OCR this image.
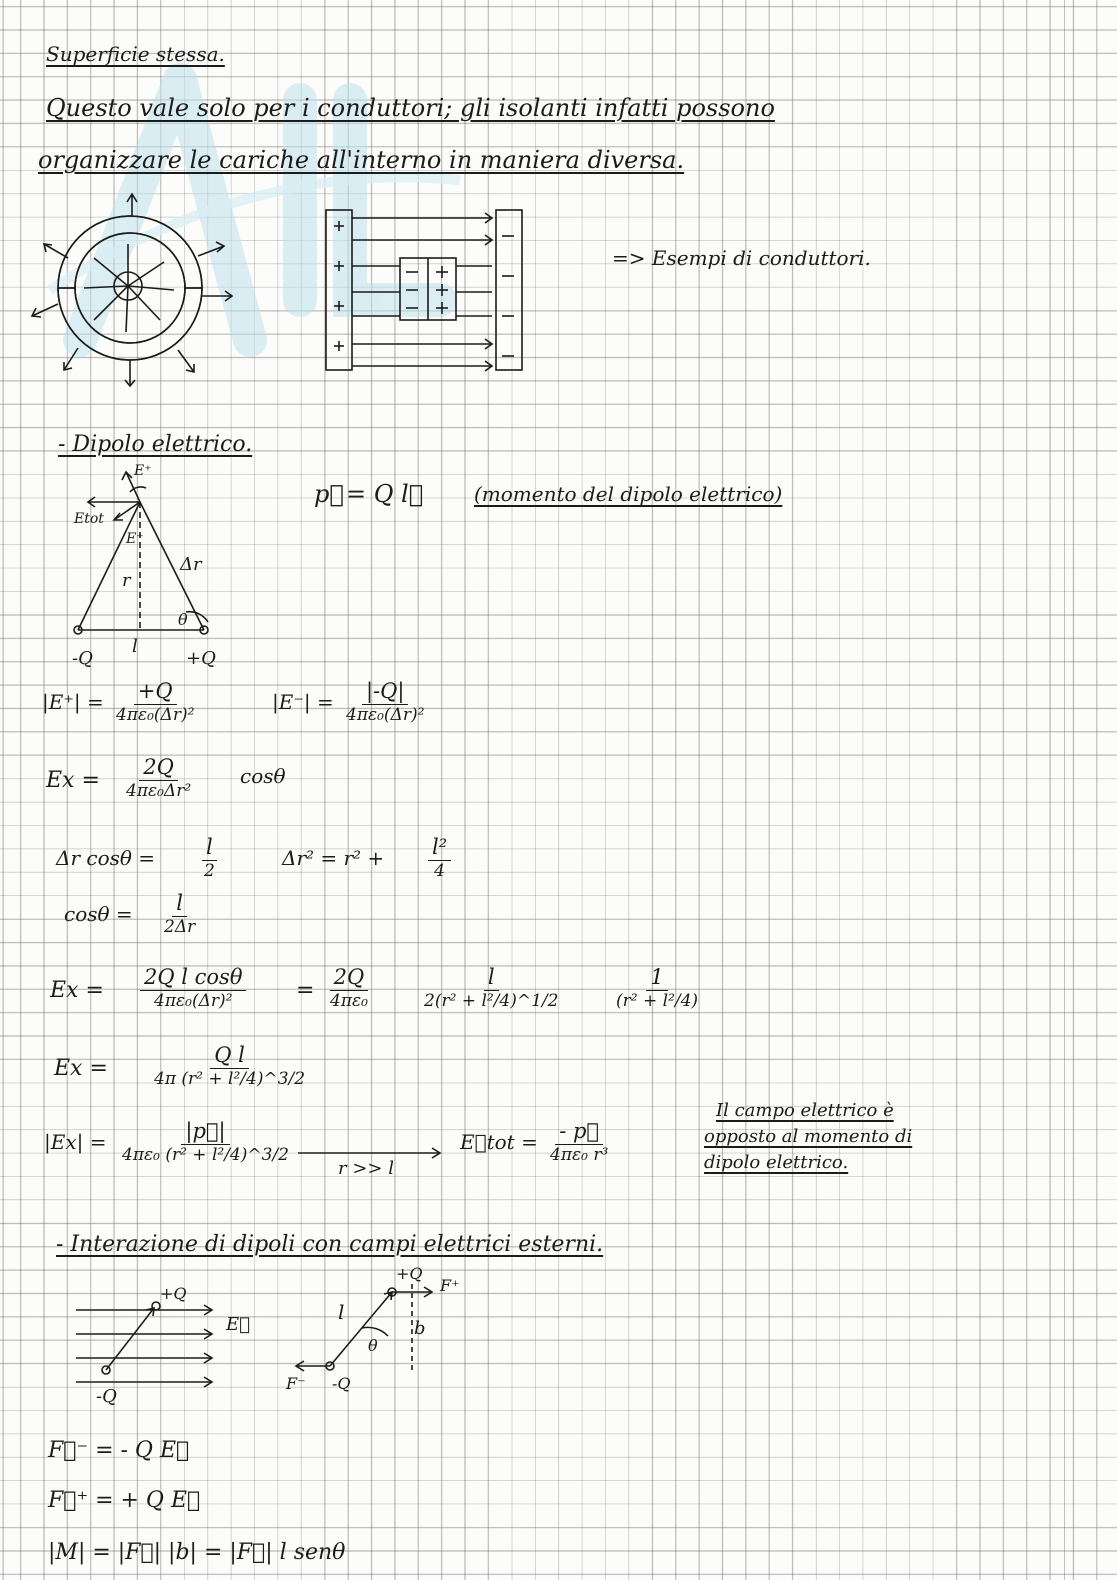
Superficie stessa.
Questo vale solo per i conduttori; gli isolanti infatti possono
organizzare le cariche all'interno in maniera diversa.
=> Esempi di conduttori.
- Dipolo elettrico.
E⁺
Etot
E⁻
r
Δr
θ
l
-Q	+Q
p⃗ = Q l⃗	(momento del dipolo elettrico)
|E⁺| = +Q
4πε₀(Δr)²
|E⁻| = |-Q|
4πε₀(Δr)²
Ex =
2Q
4πε₀Δr²
cosθ
Δr cosθ = l
2
Δr² = r² + l²
4
cosθ = l
2Δr
Ex =
2Q l cosθ
4πε₀(Δr)²	=
2Q
4πε₀
l
2(r² + l²/4)^1/2
1
(r² + l²/4)
Ex =
Q l
4π (r² + l²/4)^3/2
|Ex| =	|p⃗|
4πε₀ (r² + l²/4)^3/2
r >> l
E⃗tot = - p⃗
4πε₀ r³
Il campo elettrico è
opposto al momento di
dipolo elettrico.
- Interazione di dipoli con campi elettrici esterni.
+Q
E⃗
-Q
+Q
F⁺
l
θ
b
F⁻ -Q
F⃗⁻ = - Q E⃗
F⃗⁺ = + Q E⃗
|M| = |F⃗| |b| = |F⃗| l senθ
